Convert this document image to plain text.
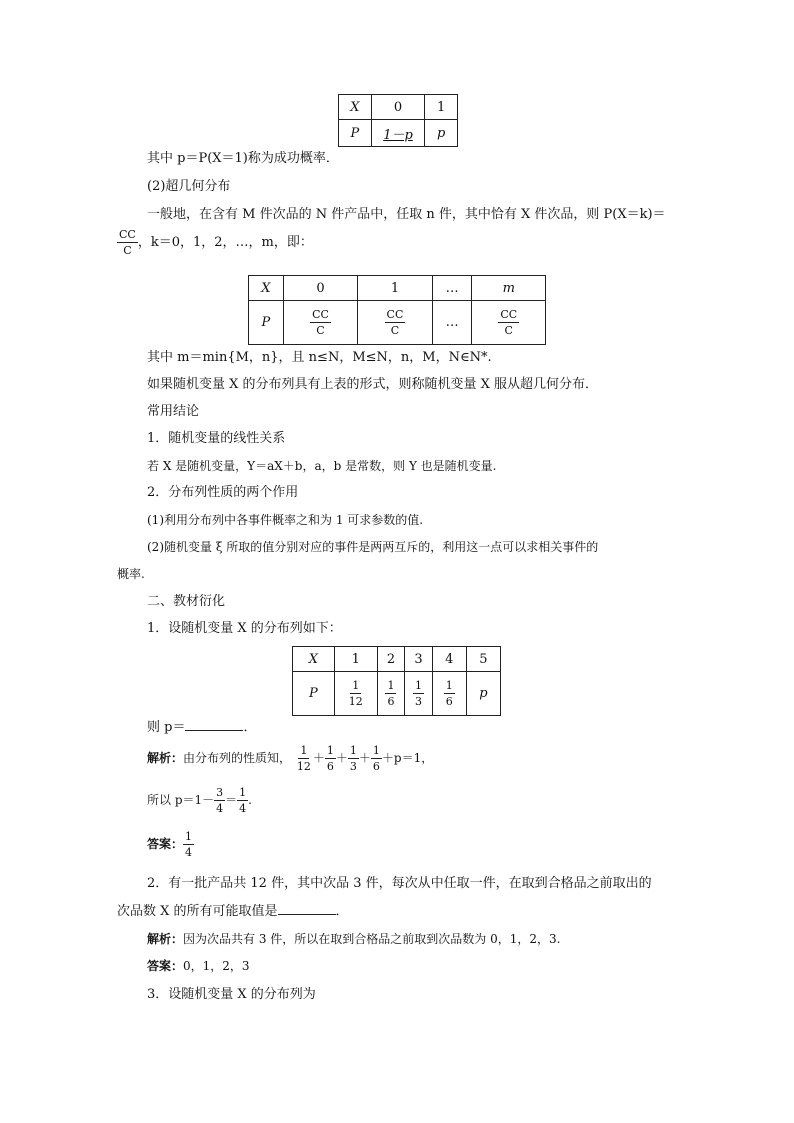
X	0	1
P	1－p	p
其中 p＝P(X＝1)称为成功概率．
(2)超几何分布
一般地，在含有 M 件次品的 N 件产品中，任取 n 件，其中恰有 X 件次品，则 P(X＝k)＝
$\frac{CC}{C}$ ，k＝0，1，2，…，m，即：
X	0	1	…	m
P	$\frac{CC}{C}$	$\frac{CC}{C}$	…	$\frac{CC}{C}$
其中 m＝min{M，n}，且 n≤N，M≤N，n，M，N∈N*.
如果随机变量 X 的分布列具有上表的形式，则称随机变量 X 服从超几何分布．
常用结论
1．随机变量的线性关系
若 X 是随机变量，Y＝aX＋b，a，b 是常数，则 Y 也是随机变量.
2．分布列性质的两个作用
(1)利用分布列中各事件概率之和为 1 可求参数的值.
(2)随机变量 ξ 所取的值分别对应的事件是两两互斥的，利用这一点可以求相关事件的
概率.
二、教材衍化
1．设随机变量 X 的分布列如下：
X	1	2	3	4	5
P	$\frac{1}{12}$	$\frac{1}{6}$	$\frac{1}{3}$	$\frac{1}{6}$	p
则 p＝	．
解析：由分布列的性质知， $\frac{1}{12} + \frac{1}{6} + \frac{1}{3} + \frac{1}{6} +p=1$，
所以 $p=1- \frac{3}{4} = \frac{1}{4}$ .
答案： $\frac{1}{4}$
2．有一批产品共 12 件，其中次品 3 件，每次从中任取一件，在取到合格品之前取出的
次品数 X 的所有可能取值是	．
解析：因为次品共有 3 件，所以在取到合格品之前取到次品数为 0，1，2，3.
答案：0，1，2，3
3．设随机变量 X 的分布列为
